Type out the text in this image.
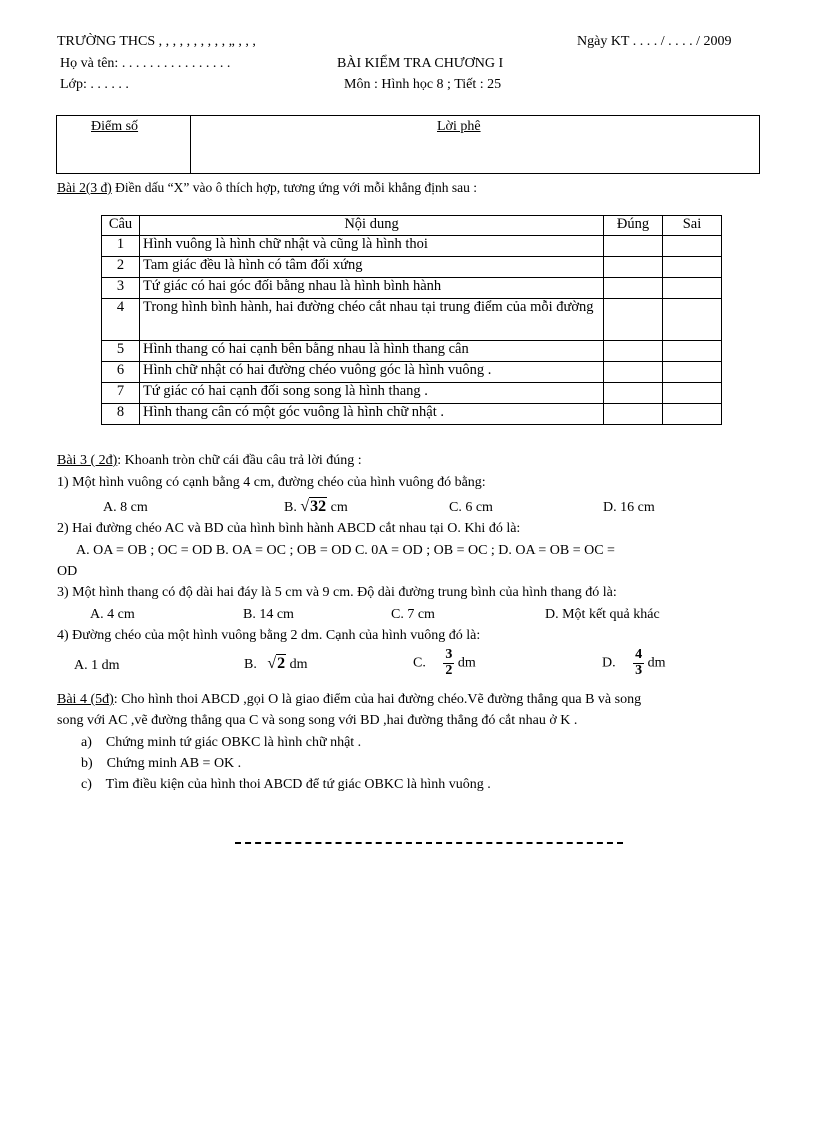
TRƯỜNG THCS , , , , , , , , , , „ , , ,	Ngày KT . . . . / . . . . / 2009
Họ và tên: . . . . . . . . . . . . . . . .	BÀI KIỂM TRA CHƯƠNG I
Lớp: . . . . . .	Môn : Hình học 8 ; Tiết : 25
Điểm số	Lời phê
Bài 2(3 đ) Điền dấu “X” vào ô thích hợp, tương ứng với mỗi khẳng định sau :
Câu	Nội dung	Đúng	Sai
1	Hình vuông là hình chữ nhật và cũng là hình thoi		
2	Tam giác đều là hình có tâm đối xứng		
3	Tứ giác có hai góc đối bằng nhau là hình bình hành		
4	Trong hình bình hành, hai đường chéo cắt nhau tại trung điểm của mỗi đường		
5	Hình thang có hai cạnh bên bằng nhau là hình thang cân		
6	Hình chữ nhật có hai đường chéo vuông góc là hình vuông .		
7	Tứ giác có hai cạnh đối song song là hình thang .		
8	Hình thang cân có một góc vuông là hình chữ nhật .		
Bài 3 ( 2đ): Khoanh tròn chữ cái đầu câu trả lời đúng :
1) Một hình vuông có cạnh bằng 4 cm, đường chéo của hình vuông đó bằng:
A. 8 cm	B. √32 cm	C. 6 cm	D. 16 cm
2) Hai đường chéo AC và BD của hình bình hành ABCD cắt nhau tại O. Khi đó là:
A. OA = OB ; OC = OD B. OA = OC ; OB = OD C. 0A = OD ; OB = OC ; D. OA = OB = OC =
OD
3) Một hình thang có độ dài hai đáy là 5 cm và 9 cm. Độ dài đường trung bình của hình thang đó là:
A. 4 cm	B. 14 cm	C. 7 cm	D. Một kết quả khác
4) Đường chéo của một hình vuông bằng 2 dm. Cạnh của hình vuông đó là:
A. 1 dm	B. √2 dm	C. $\frac{3}{2}$ dm	D. $\frac{4}{3}$ dm
Bài 4 (5đ): Cho hình thoi ABCD ,gọi O là giao điểm của hai đường chéo.Vẽ đường thẳng qua B và song
song với AC ,vẽ đường thẳng qua C và song song với BD ,hai đường thẳng đó cắt nhau ở K .
a) Chứng minh tứ giác OBKC là hình chữ nhật .
b) Chứng minh AB = OK .
c) Tìm điều kiện của hình thoi ABCD để tứ giác OBKC là hình vuông .
